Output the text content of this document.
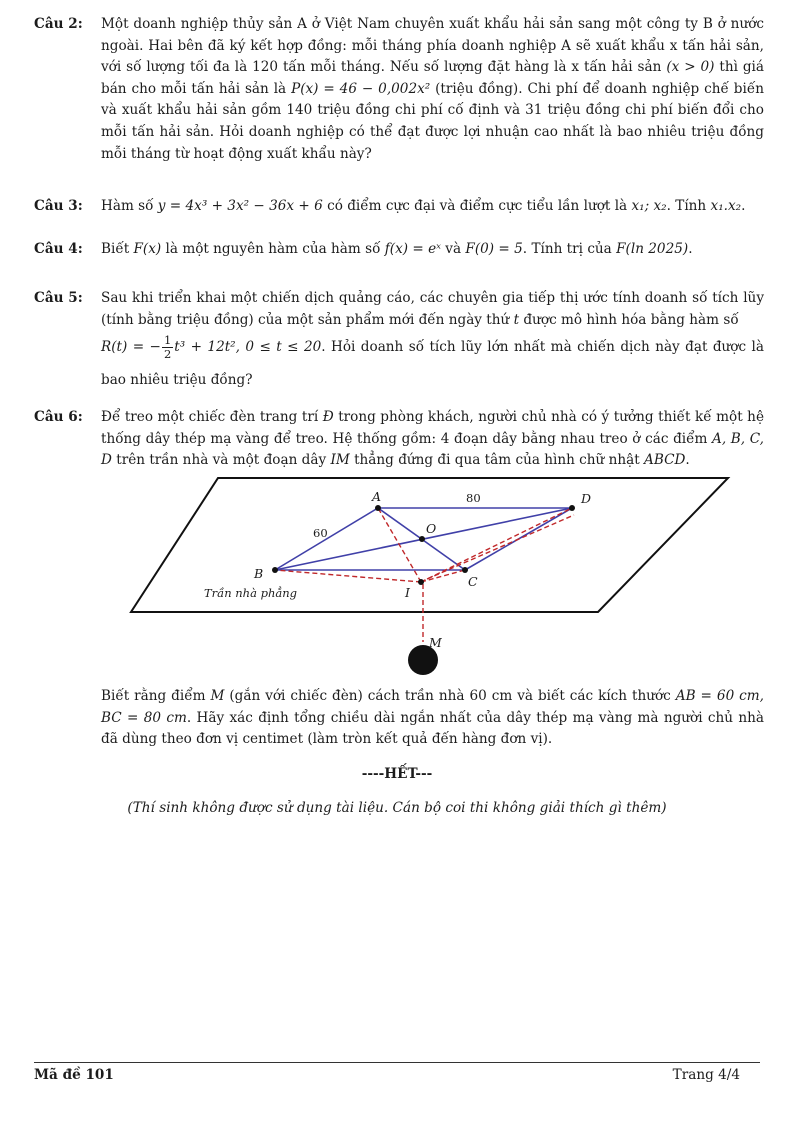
Câu 2: Một doanh nghiệp thủy sản A ở Việt Nam chuyên xuất khẩu hải sản sang một công ty B ở nước ngoài. Hai bên đã ký kết hợp đồng: mỗi tháng phía doanh nghiệp A sẽ xuất khẩu x tấn hải sản, với số lượng tối đa là 120 tấn mỗi tháng. Nếu số lượng đặt hàng là x tấn hải sản (x > 0) thì giá bán cho mỗi tấn hải sản là P(x) = 46 − 0,002x² (triệu đồng). Chi phí để doanh nghiệp chế biến và xuất khẩu hải sản gồm 140 triệu đồng chi phí cố định và 31 triệu đồng chi phí biến đổi cho mỗi tấn hải sản. Hỏi doanh nghiệp có thể đạt được lợi nhuận cao nhất là bao nhiêu triệu đồng mỗi tháng từ hoạt động xuất khẩu này?

Câu 3: Hàm số y = 4x³ + 3x² − 36x + 6 có điểm cực đại và điểm cực tiểu lần lượt là x₁; x₂. Tính x₁.x₂.

Câu 4: Biết F(x) là một nguyên hàm của hàm số f(x) = eˣ và F(0) = 5. Tính trị của F(ln 2025).

Câu 5: Sau khi triển khai một chiến dịch quảng cáo, các chuyên gia tiếp thị ước tính doanh số tích lũy (tính bằng triệu đồng) của một sản phẩm mới đến ngày thứ t được mô hình hóa bằng hàm số

R(t) = − $\frac{1}{2} t^3 + 12t^2$, 0 ≤ t ≤ 20. Hỏi doanh số tích lũy lớn nhất mà chiến dịch này đạt được là bao nhiêu triệu đồng?

Câu 6: Để treo một chiếc đèn trang trí Đ trong phòng khách, người chủ nhà có ý tưởng thiết kế một hệ thống dây thép mạ vàng để treo. Hệ thống gồm: 4 đoạn dây bằng nhau treo ở các điểm A, B, C, D trên trần nhà và một đoạn dây IM thẳng đứng đi qua tâm của hình chữ nhật ABCD.

A	D
B
C
O
I
M
80
60
Trần nhà phẳng

Biết rằng điểm M (gắn với chiếc đèn) cách trần nhà 60 cm và biết các kích thước AB = 60 cm, BC = 80 cm. Hãy xác định tổng chiều dài ngắn nhất của dây thép mạ vàng mà người chủ nhà đã dùng theo đơn vị centimet (làm tròn kết quả đến hàng đơn vị).

----HẾT---
(Thí sinh không được sử dụng tài liệu. Cán bộ coi thi không giải thích gì thêm)
Mã đề 101	Trang 4/4
